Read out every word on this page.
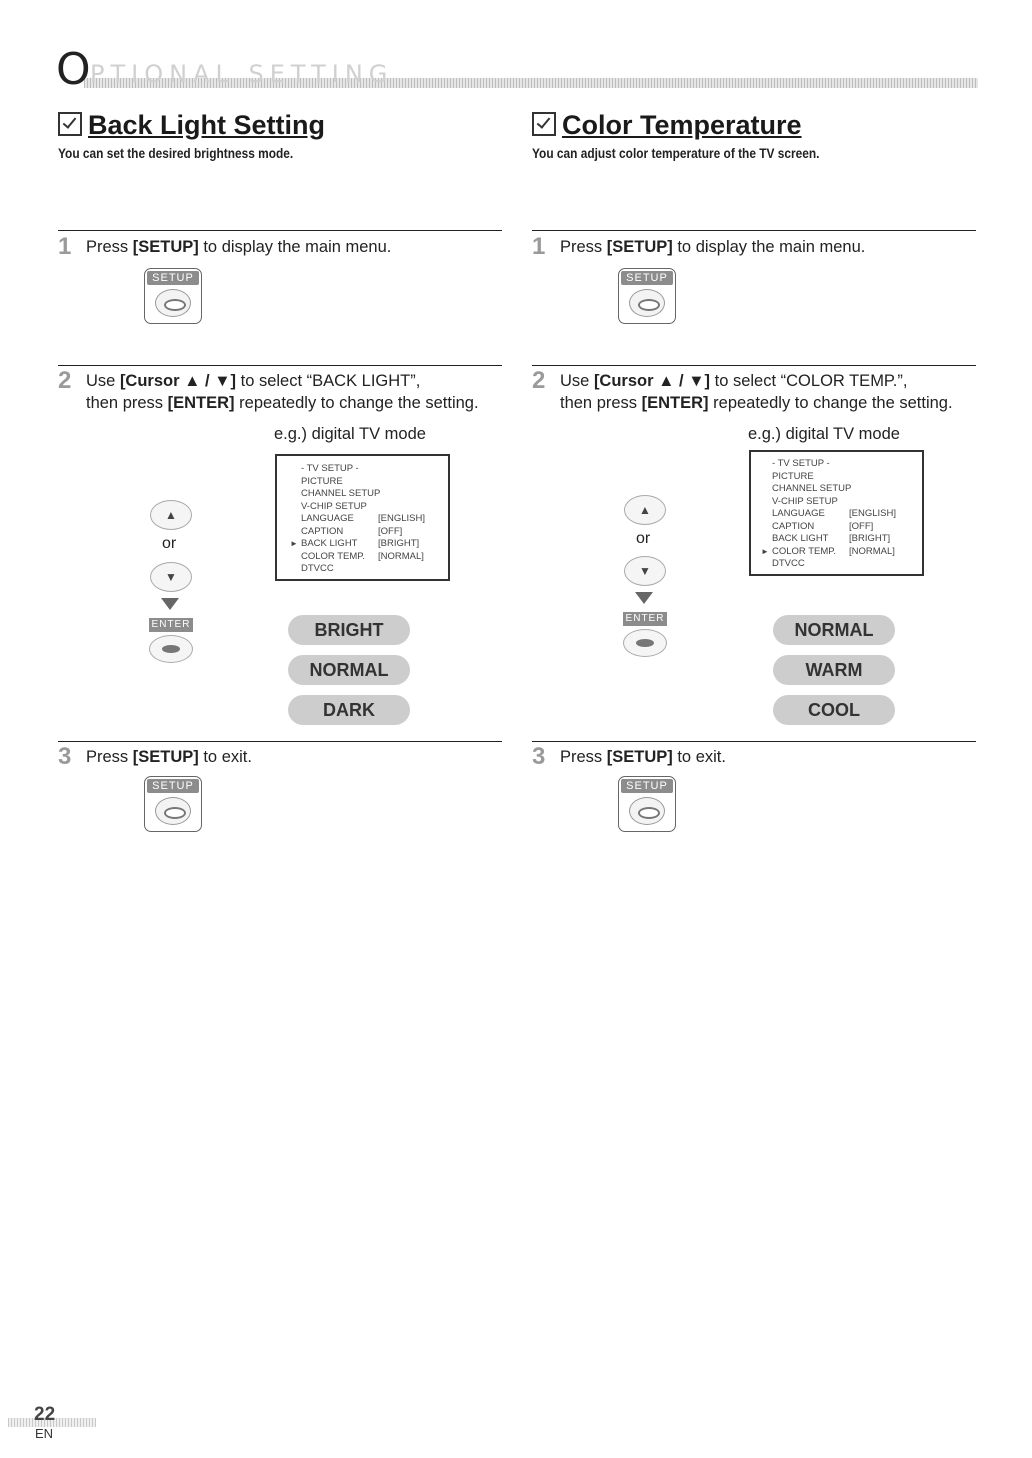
O PTIONAL SETTING
Back Light Setting
You can set the desired brightness mode.
1 Press [SETUP] to display the main menu.
SETUP
2 Use [Cursor ▲ / ▼] to select “BACK LIGHT”,
then press [ENTER] repeatedly to change the setting.
e.g.) digital TV mode
▲
or
▼
ENTER
- TV SETUP -
PICTURE
CHANNEL SETUP
V-CHIP SETUP
LANGUAGE	[ENGLISH]
CAPTION	[OFF]
► BACK LIGHT [BRIGHT]
COLOR TEMP. [NORMAL]
DTVCC
BRIGHT
NORMAL
DARK
3 Press [SETUP] to exit.
SETUP
Color Temperature
You can adjust color temperature of the TV screen.
1 Press [SETUP] to display the main menu.
SETUP
2 Use [Cursor ▲ / ▼] to select “COLOR TEMP.”,
then press [ENTER] repeatedly to change the setting.
e.g.) digital TV mode
▲
or
▼
ENTER
- TV SETUP -
PICTURE
CHANNEL SETUP
V-CHIP SETUP
LANGUAGE	[ENGLISH]
CAPTION	[OFF]
BACK LIGHT [BRIGHT]
► COLOR TEMP. [NORMAL]
DTVCC
NORMAL
WARM
COOL
3 Press [SETUP] to exit.
SETUP
22
EN
